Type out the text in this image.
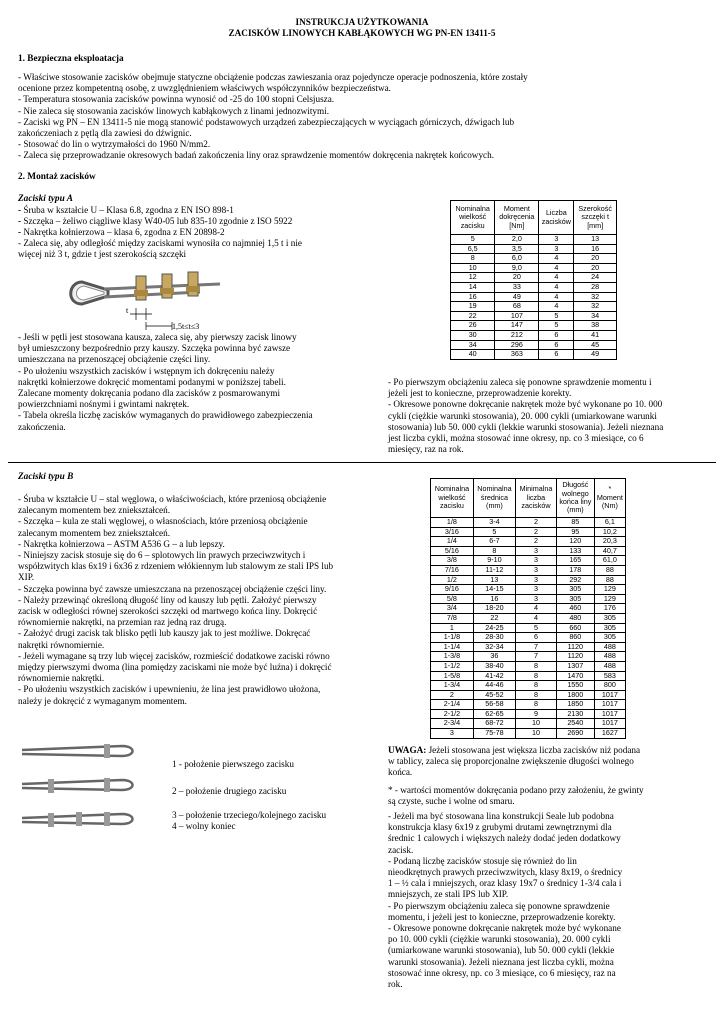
INSTRUKCJA UŻYTKOWANIA
ZACISKÓW LINOWYCH KABŁĄKOWYCH WG PN-EN 13411-5
1. Bezpieczna eksploatacja
- Właściwe stosowanie zacisków obejmuje statyczne obciążenie podczas zawieszania oraz pojedyncze operacje podnoszenia, które zostały
ocenione przez kompetentną osobę, z uwzględnieniem właściwych współczynników bezpieczeństwa.
- Temperatura stosowania zacisków powinna wynosić od -25 do 100 stopni Celsjusza.
- Nie zaleca się stosowania zacisków linowych kabłąkowych z linami jednozwitymi.
- Zaciski wg PN – EN 13411-5 nie mogą stanowić podstawowych urządzeń zabezpieczających w wyciągach górniczych, dźwigach lub
zakończeniach z pętlą dla zawiesi do dźwignic.
- Stosować do lin o wytrzymałości do 1960 N/mm2.
- Zaleca się przeprowadzanie okresowych badań zakończenia liny oraz sprawdzenie momentów dokręcenia nakrętek końcowych.
2. Montaż zacisków
Zaciski typu A
- Śruba w kształcie U – Klasa 6.8, zgodna z EN ISO 898-1
- Szczęka – żeliwo ciągliwe klasy W40-05 lub 835-10 zgodnie z ISO 5922
- Nakrętka kołnierzowa – klasa 6, zgodna z EN 20898-2
- Zaleca się, aby odległość między zaciskami wynosiła co najmniej 1,5 t i nie
więcej niż 3 t, gdzie t jest szerokością szczęki
t
1,5t≤t≤3
- Jeśli w pętli jest stosowana kausza, zaleca się, aby pierwszy zacisk linowy
był umieszczony bezpośrednio przy kauszy. Szczęka powinna być zawsze
umieszczana na przenoszącej obciążenie części liny.
- Po ułożeniu wszystkich zacisków i wstępnym ich dokręceniu należy
nakrętki kołnierzowe dokręcić momentami podanymi w poniższej tabeli.
Zalecane momenty dokręcania podano dla zacisków z posmarowanymi
powierzchniami nośnymi i gwintami nakrętek.
- Tabela określa liczbę zacisków wymaganych do prawidłowego zabezpieczenia
zakończenia.
Nominalna wielkość zacisku	Moment dokręcenia [Nm]	Liczba zacisków	Szerokość szczęki t [mm]
5	2,0	3	13
6,5	3,5	3	16
8	6,0	4	20
10	9,0	4	20
12	20	4	24
14	33	4	28
16	49	4	32
19	68	4	32
22	107	5	34
26	147	5	38
30	212	6	41
34	296	6	45
40	363	6	49
- Po pierwszym obciążeniu zaleca się ponowne sprawdzenie momentu i
jeżeli jest to konieczne, przeprowadzenie korekty.
- Okresowe ponowne dokręcanie nakrętek może być wykonane po 10. 000
cykli (ciężkie warunki stosowania), 20. 000 cykli (umiarkowane warunki
stosowania) lub 50. 000 cykli (lekkie warunki stosowania). Jeżeli nieznana
jest liczba cykli, można stosować inne okresy, np. co 3 miesiące, co 6
miesięcy, raz na rok.
Zaciski typu B
- Śruba w kształcie U – stal węglowa, o właściwościach, które przeniosą obciążenie
zalecanym momentem bez zniekształceń.
- Szczęka – kula ze stali węglowej, o własnościach, które przeniosą obciążenie
zalecanym momentem bez zniekształceń.
- Nakrętka kołnierzowa – ASTM A536 G – a lub lepszy.
- Niniejszy zacisk stosuje się do 6 – splotowych lin prawych przeciwzwitych i
współzwitych klas 6x19 i 6x36 z rdzeniem włókiennym lub stalowym ze stali IPS lub
XIP.
- Szczęka powinna być zawsze umieszczana na przenoszącej obciążenie części liny.
- Należy przewinąć określoną długość liny od kauszy lub pętli. Założyć pierwszy
zacisk w odległości równej szerokości szczęki od martwego końca liny. Dokręcić
równomiernie nakrętki, na przemian raz jedną raz drugą.
- Założyć drugi zacisk tak blisko pętli lub kauszy jak to jest możliwe. Dokręcać
nakrętki równomiernie.
- Jeżeli wymagane są trzy lub więcej zacisków, rozmieścić dodatkowe zaciski równo
między pierwszymi dwoma (lina pomiędzy zaciskami nie może być luźna) i dokręcić
równomiernie nakrętki.
- Po ułożeniu wszystkich zacisków i upewnieniu, że lina jest prawidłowo ułożona,
należy je dokręcić z wymaganym momentem.
Nominalna wielkość zacisku	Nominalna średnica (mm)	Minimalna liczba zacisków	Długość wolnego końca liny (mm)	* Moment (Nm)
1/8	3-4	2	85	6,1
3/16	5	2	95	10,2
1/4	6-7	2	120	20,3
5/16	8	3	133	40,7
3/8	9-10	3	165	61,0
7/16	11-12	3	178	88
1/2	13	3	292	88
9/16	14-15	3	305	129
5/8	16	3	305	129
3/4	18-20	4	460	176
7/8	22	4	480	305
1	24-25	5	660	305
1-1/8	28-30	6	860	305
1-1/4	32-34	7	1120	488
1-3/8	36	7	1120	488
1-1/2	38-40	8	1307	488
1-5/8	41-42	8	1470	583
1-3/4	44-46	8	1550	800
2	45-52	8	1800	1017
2-1/4	56-58	8	1850	1017
2-1/2	62-65	9	2130	1017
2-3/4	68-72	10	2540	1017
3	75-78	10	2690	1627
1 - położenie pierwszego zacisku
2 – położenie drugiego zacisku
3 – położenie trzeciego/kolejnego zacisku
4 – wolny koniec
UWAGA: Jeżeli stosowana jest większa liczba zacisków niż podana
w tablicy, zaleca się proporcjonalne zwiększenie długości wolnego
końca.
* - wartości momentów dokręcania podano przy założeniu, że gwinty
są czyste, suche i wolne od smaru.
- Jeżeli ma być stosowana lina konstrukcji Seale lub podobna
konstrukcja klasy 6x19 z grubymi drutami zewnętrznymi dla
średnic 1 calowych i większych należy dodać jeden dodatkowy
zacisk.
- Podaną liczbę zacisków stosuje się również do lin
nieodkrętnych prawych przeciwzwitych, klasy 8x19, o średnicy
1 – ½ cala i mniejszych, oraz klasy 19x7 o średnicy 1-3/4 cala i
mniejszych, ze stali IPS lub XIP.
- Po pierwszym obciążeniu zaleca się ponowne sprawdzenie
momentu, i jeżeli jest to konieczne, przeprowadzenie korekty.
- Okresowe ponowne dokręcanie nakrętek może być wykonane
po 10. 000 cykli (ciężkie warunki stosowania), 20. 000 cykli
(umiarkowane warunki stosowania), lub 50. 000 cykli (lekkie
warunki stosowania). Jeżeli nieznana jest liczba cykli, można
stosować inne okresy, np. co 3 miesiące, co 6 miesięcy, raz na
rok.
